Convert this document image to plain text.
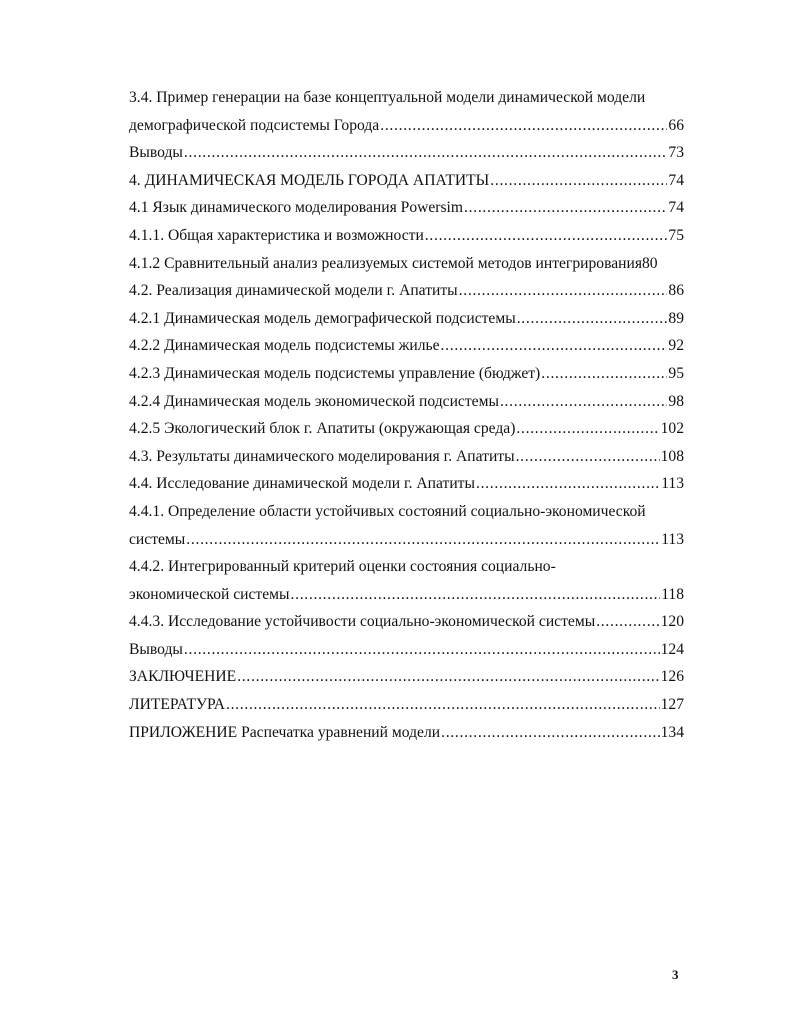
3.4. Пример генерации на базе концептуальной модели динамической модели
демографической подсистемы Города . . .	66
Выводы . . .	73
4. ДИНАМИЧЕСКАЯ МОДЕЛЬ ГОРОДА АПАТИТЫ . . .	74
4.1 Язык динамического моделирования Powersim . . .	74
4.1.1. Общая характеристика и возможности . . .	75
4.1.2 Сравнительный анализ реализуемых системой методов интегрирования80
4.2. Реализация динамической модели г. Апатиты . . .	86
4.2.1 Динамическая модель демографической подсистемы . . .	89
4.2.2 Динамическая модель подсистемы жилье . . .	92
4.2.3 Динамическая модель подсистемы управление (бюджет) . . .	95
4.2.4 Динамическая модель экономической подсистемы . . .	98
4.2.5 Экологический блок г. Апатиты (окружающая среда) . . .	102
4.3. Результаты динамического моделирования г. Апатиты . . .	108
4.4. Исследование динамической модели г. Апатиты . . .	113
4.4.1. Определение области устойчивых состояний социально-экономической
системы . . .	113
4.4.2. Интегрированный критерий оценки состояния социально-
экономической системы . . .	118
4.4.3. Исследование устойчивости социально-экономической системы . . .	120
Выводы . . .	124
ЗАКЛЮЧЕНИЕ . . .	126
ЛИТЕРАТУРА . . .	127
ПРИЛОЖЕНИЕ Распечатка уравнений модели . . .	134
3
